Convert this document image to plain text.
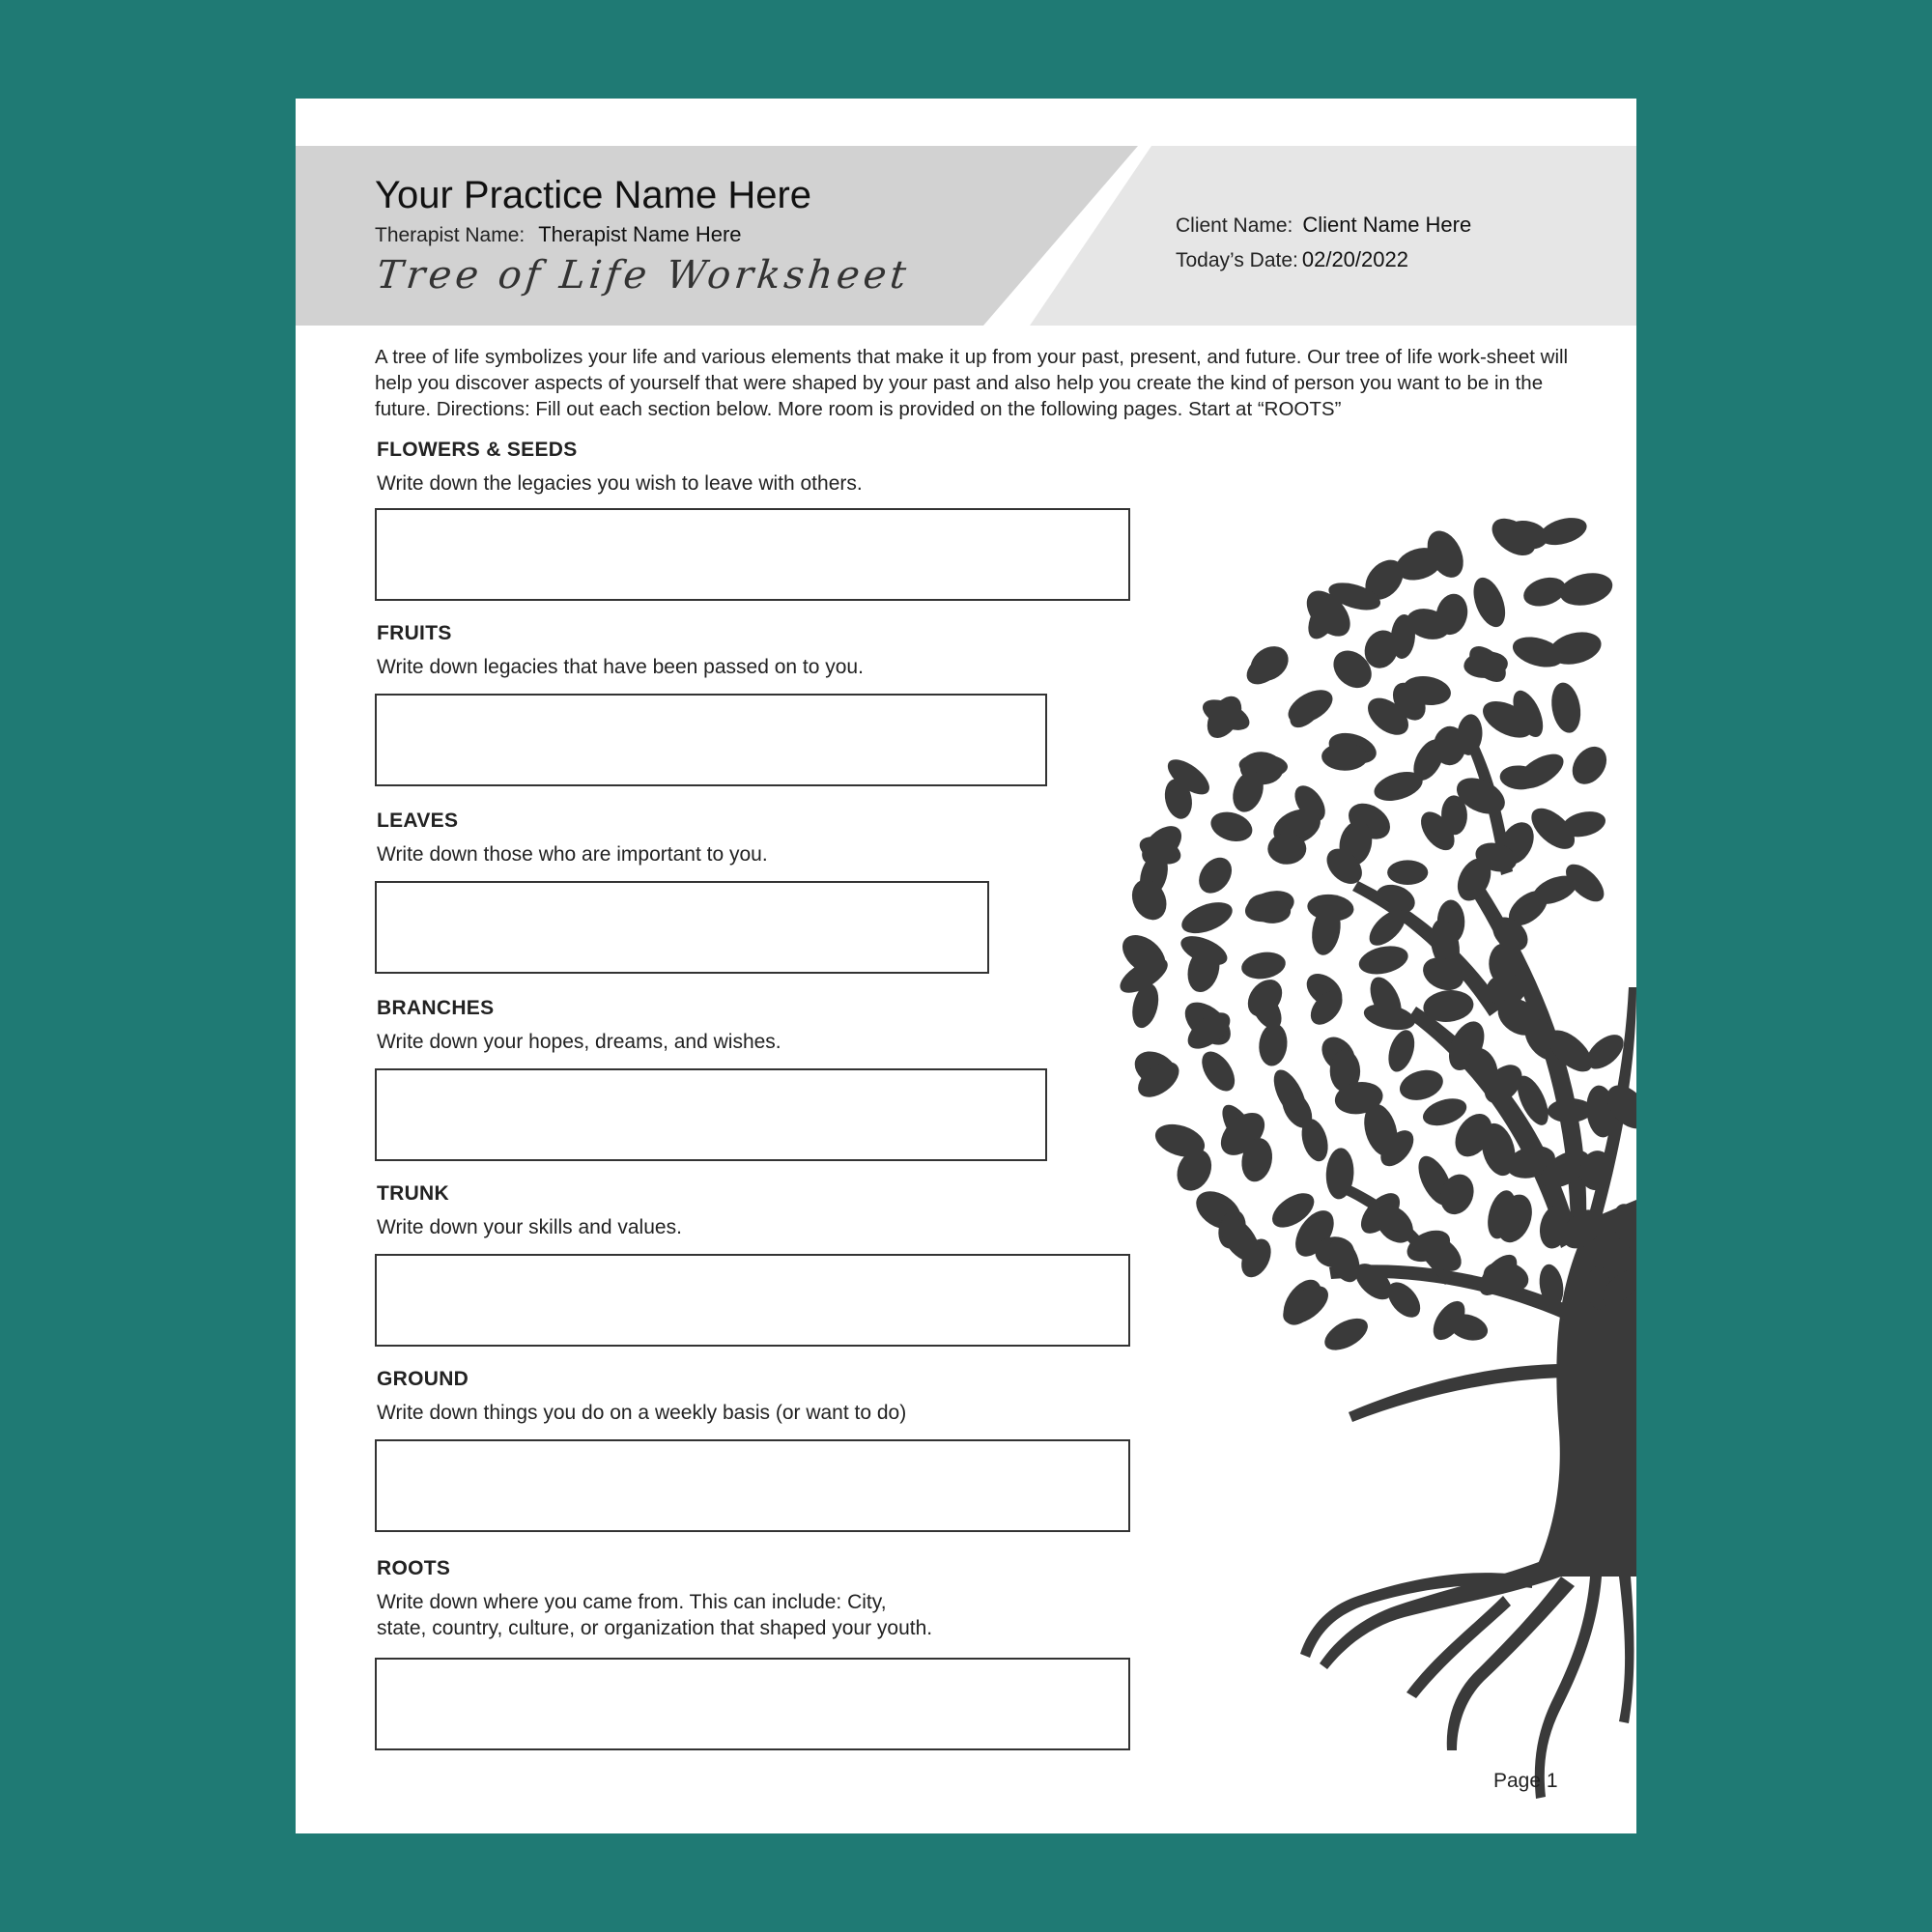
Your Practice Name Here
Therapist Name: Therapist Name Here
Tree of Life Worksheet
Client Name: Client Name Here
Today’s Date: 02/20/2022
A tree of life symbolizes your life and various elements that make it up from your past, present, and future. Our tree of life work-sheet will help you discover aspects of yourself that were shaped by your past and also help you create the kind of person you want to be in the future. Directions: Fill out each section below. More room is provided on the following pages. Start at “ROOTS”
FLOWERS & SEEDS
Write down the legacies you wish to leave with others.
FRUITS
Write down legacies that have been passed on to you.
LEAVES
Write down those who are important to you.
BRANCHES
Write down your hopes, dreams, and wishes.
TRUNK
Write down your skills and values.
GROUND
Write down things you do on a weekly basis (or want to do)
ROOTS
Write down where you came from. This can include: City,
state, country, culture, or organization that shaped your youth.
Page 1
